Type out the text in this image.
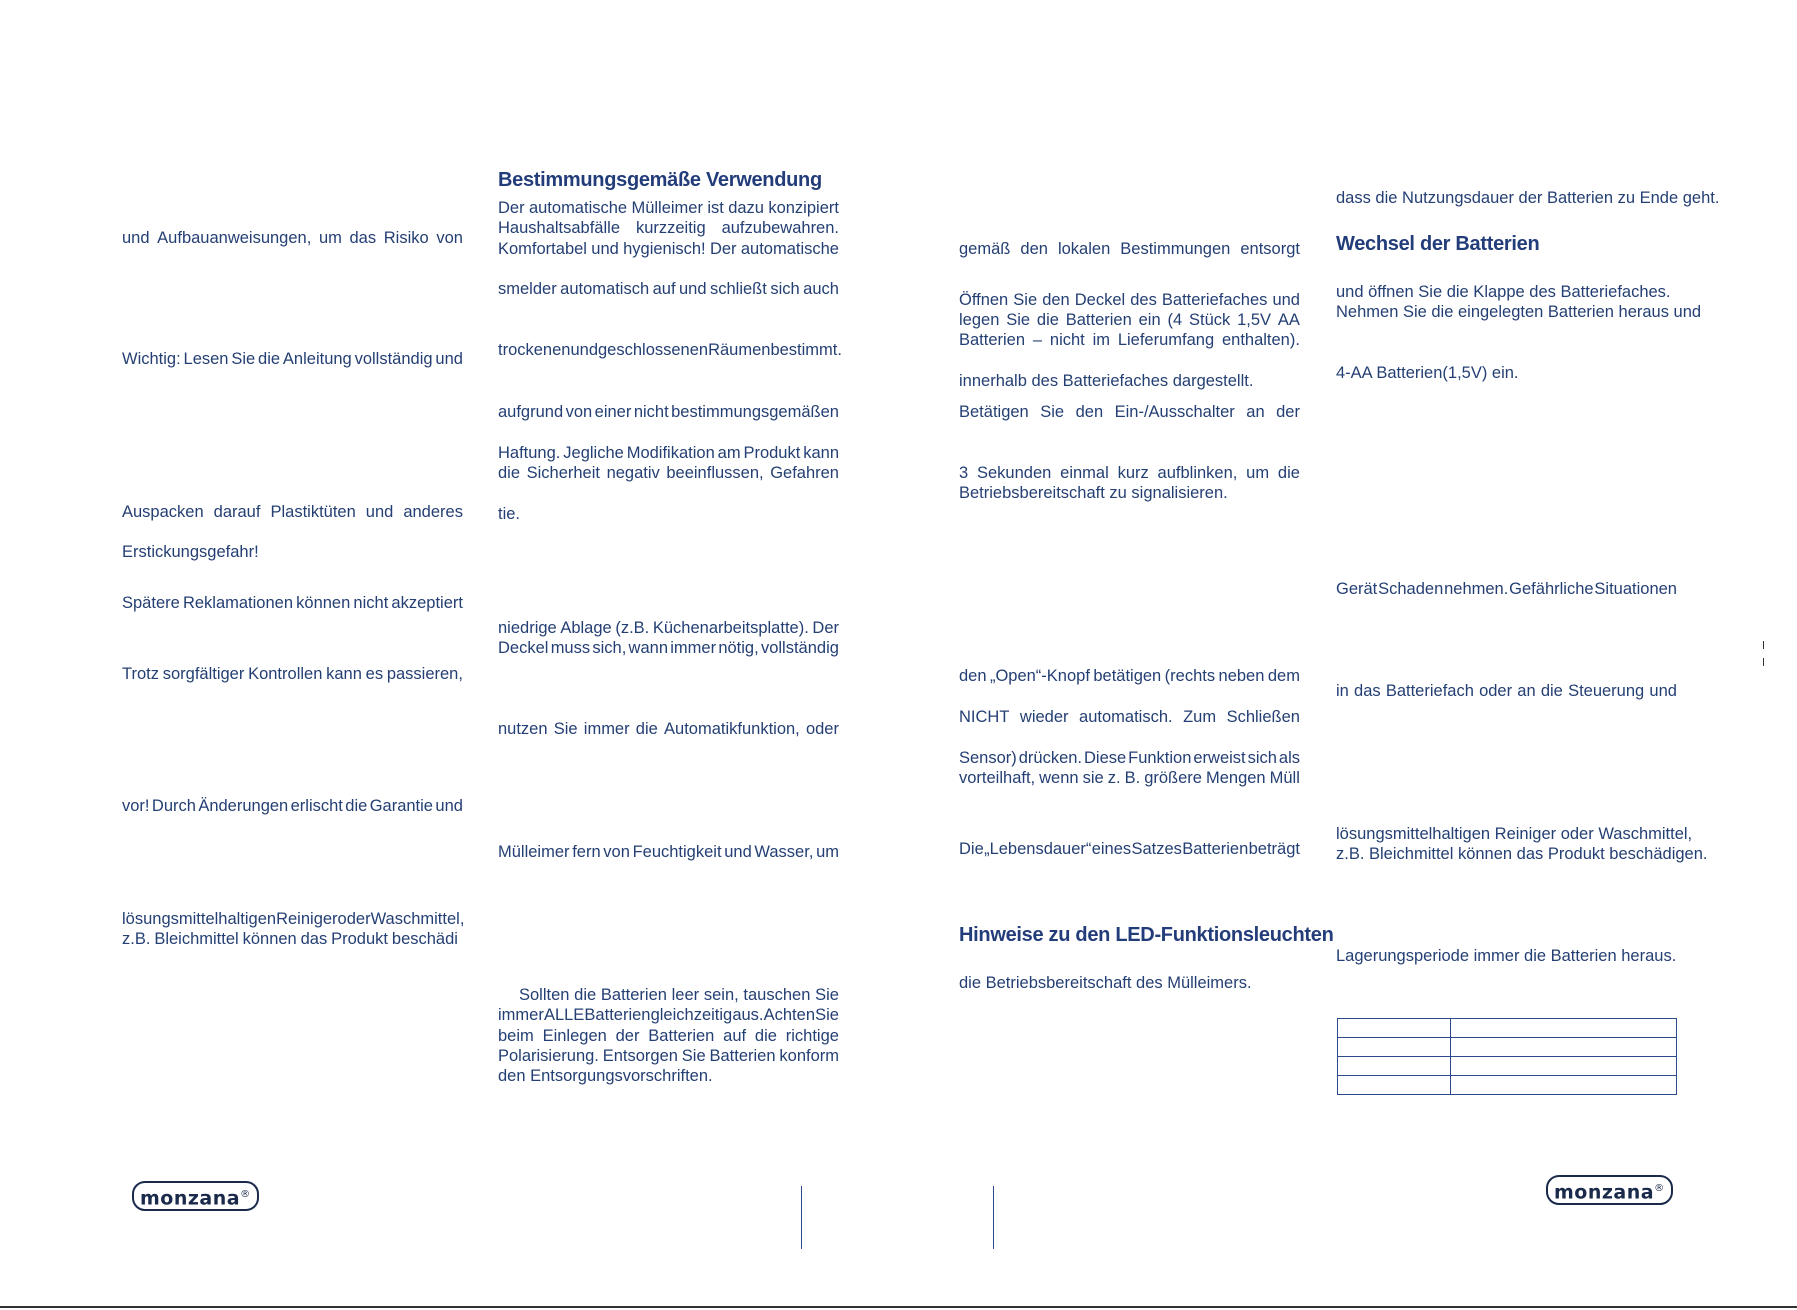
und Aufbauanweisungen, um das Risiko von
Wichtig: Lesen Sie die Anleitung vollständig und
Auspacken darauf Plastiktüten und anderes
Erstickungsgefahr!
Spätere Reklamationen können nicht akzeptiert
Trotz sorgfältiger Kontrollen kann es passieren,
vor! Durch Änderungen erlischt die Garantie und
lösungsmittelhaltigen Reiniger oder Waschmittel,
z.B. Bleichmittel können das Produkt beschädi
monzana®
Bestimmungsgemäße Verwendung
Der automatische Mülleimer ist dazu konzipiert
Haushaltsabfälle kurzzeitig aufzubewahren.
Komfortabel und hygienisch! Der automatische
smelder automatisch auf und schließt sich auch
trockenen und geschlossenen Räumen bestimmt.
aufgrund von einer nicht bestimmungsgemäßen
Haftung. Jegliche Modifikation am Produkt kann
die Sicherheit negativ beeinflussen, Gefahren
tie.
niedrige Ablage (z.B. Küchenarbeitsplatte). Der
Deckel muss sich, wann immer nötig, vollständig
nutzen Sie immer die Automatikfunktion, oder
Mülleimer fern von Feuchtigkeit und Wasser, um
Sollten die Batterien leer sein, tauschen Sie
immer ALLE Batterien gleichzeitig aus. Achten Sie
beim Einlegen der Batterien auf die richtige
Polarisierung. Entsorgen Sie Batterien konform
den Entsorgungsvorschriften.
gemäß den lokalen Bestimmungen entsorgt
Öffnen Sie den Deckel des Batteriefaches und
legen Sie die Batterien ein (4 Stück 1,5V AA
Batterien – nicht im Lieferumfang enthalten).
innerhalb des Batteriefaches dargestellt.
Betätigen Sie den Ein-/Ausschalter an der
3 Sekunden einmal kurz aufblinken, um die
Betriebsbereitschaft zu signalisieren.
den „Open“-Knopf betätigen (rechts neben dem
NICHT wieder automatisch. Zum Schließen
Sensor) drücken. Diese Funktion erweist sich als
vorteilhaft, wenn sie z. B. größere Mengen Müll
Die „Lebensdauer“ eines Satzes Batterien beträgt
Hinweise zu den LED-Funktionsleuchten
die Betriebsbereitschaft des Mülleimers.
dass die Nutzungsdauer der Batterien zu Ende geht.
Wechsel der Batterien
und öffnen Sie die Klappe des Batteriefaches.
Nehmen Sie die eingelegten Batterien heraus und
4-AA Batterien(1,5V) ein.
Gerät Schaden nehmen. Gefährliche Situationen
in das Batteriefach oder an die Steuerung und
lösungsmittelhaltigen Reiniger oder Waschmittel,
z.B. Bleichmittel können das Produkt beschädigen.
Lagerungsperiode immer die Batterien heraus.

monzana®
